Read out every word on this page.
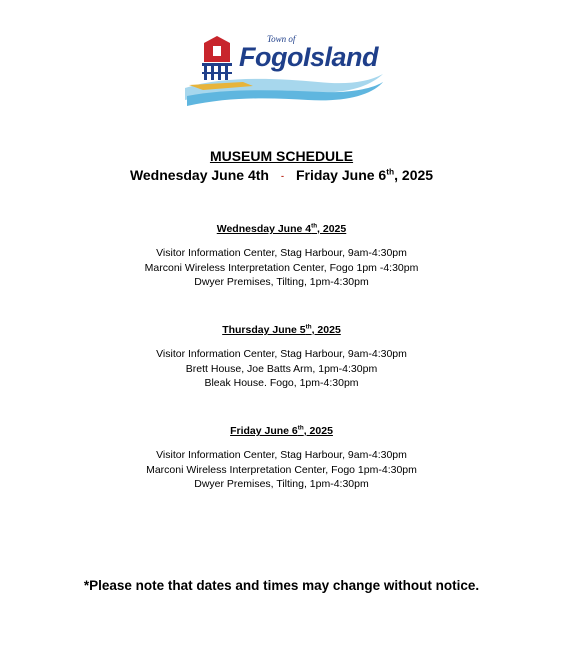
Town of
FogoIsland
MUSEUM SCHEDULE
Wednesday June 4th - Friday June 6th, 2025
Wednesday June 4th, 2025
Visitor Information Center, Stag Harbour, 9am-4:30pm
Marconi Wireless Interpretation Center, Fogo 1pm -4:30pm
Dwyer Premises, Tilting, 1pm-4:30pm
Thursday June 5th, 2025
Visitor Information Center, Stag Harbour, 9am-4:30pm
Brett House, Joe Batts Arm, 1pm-4:30pm
Bleak House. Fogo, 1pm-4:30pm
Friday June 6th, 2025
Visitor Information Center, Stag Harbour, 9am-4:30pm
Marconi Wireless Interpretation Center, Fogo 1pm-4:30pm
Dwyer Premises, Tilting, 1pm-4:30pm
*Please note that dates and times may change without notice.
